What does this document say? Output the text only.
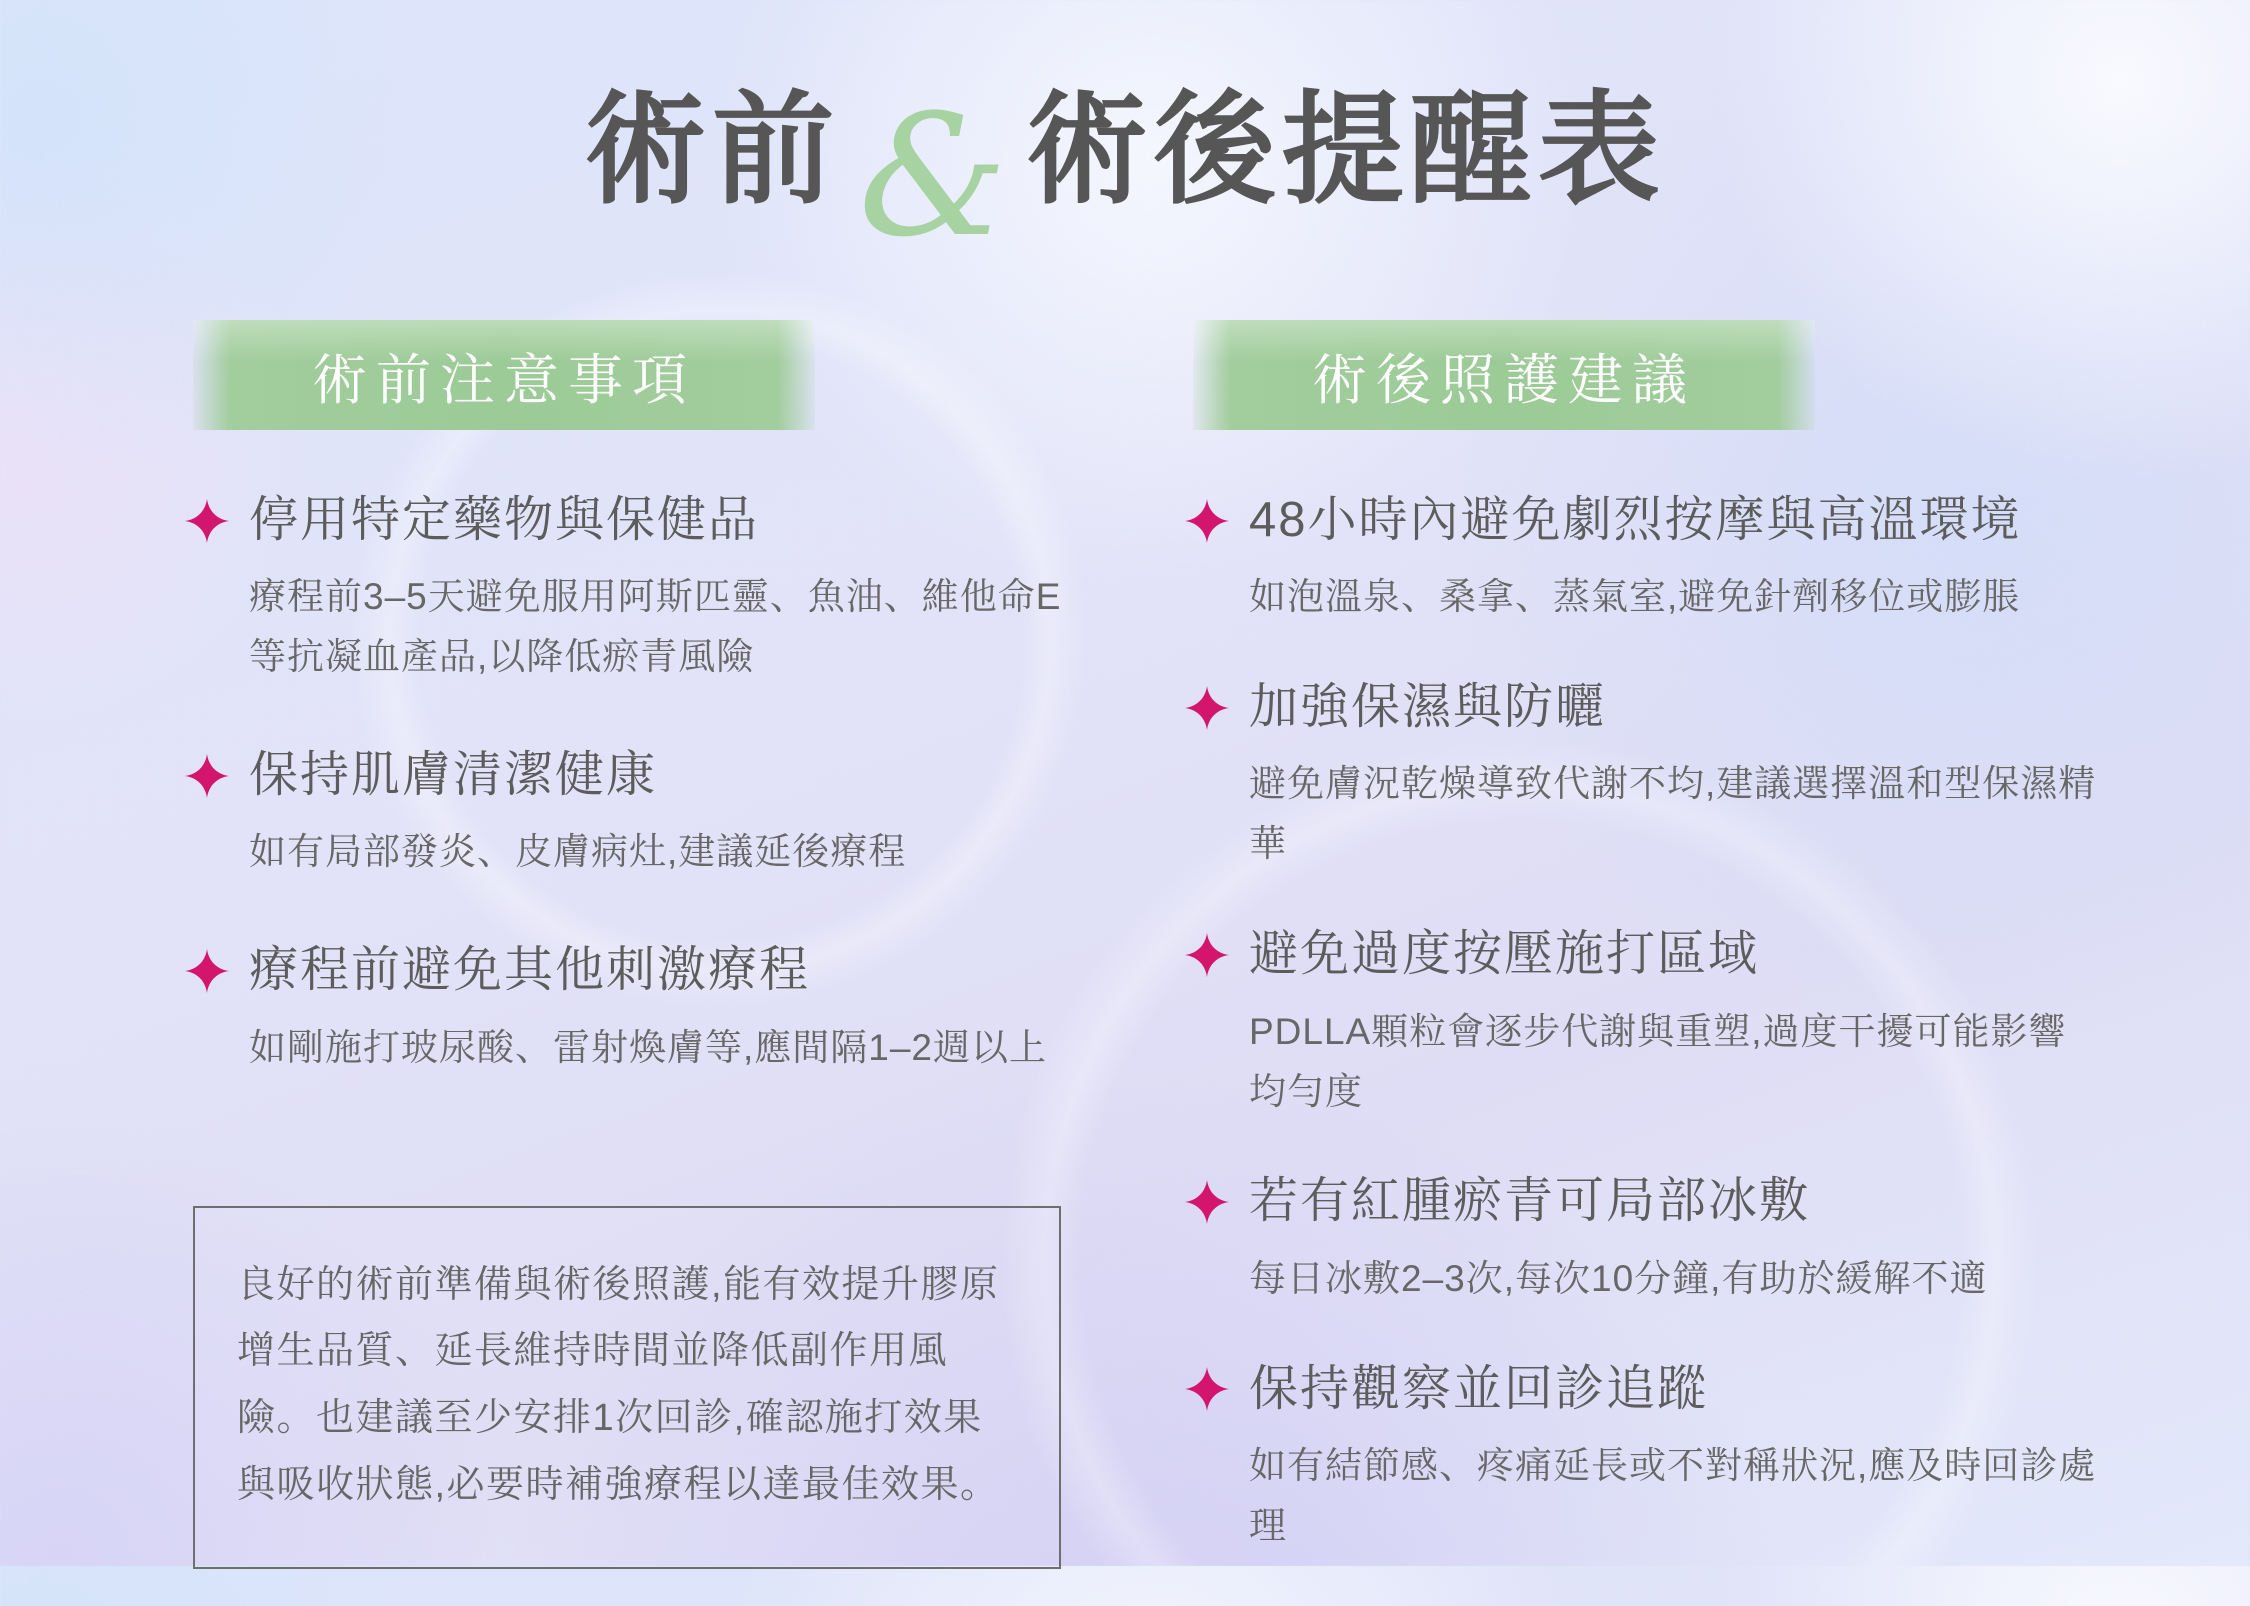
術前 & 術後提醒表
術前注意事項
停用特定藥物與保健品
療程前3–5天避免服用阿斯匹靈、魚油、維他命E等抗凝血產品,以降低瘀青風險
保持肌膚清潔健康
如有局部發炎、皮膚病灶,建議延後療程
療程前避免其他刺激療程
如剛施打玻尿酸、雷射煥膚等,應間隔1–2週以上
良好的術前準備與術後照護,能有效提升膠原增生品質、延長維持時間並降低副作用風險。也建議至少安排1次回診,確認施打效果與吸收狀態,必要時補強療程以達最佳效果。
術後照護建議
48小時內避免劇烈按摩與高溫環境
如泡溫泉、桑拿、蒸氣室,避免針劑移位或膨脹
加強保濕與防曬
避免膚況乾燥導致代謝不均,建議選擇溫和型保濕精華
避免過度按壓施打區域
PDLLA顆粒會逐步代謝與重塑,過度干擾可能影響均勻度
若有紅腫瘀青可局部冰敷
每日冰敷2–3次,每次10分鐘,有助於緩解不適
保持觀察並回診追蹤
如有結節感、疼痛延長或不對稱狀況,應及時回診處理
